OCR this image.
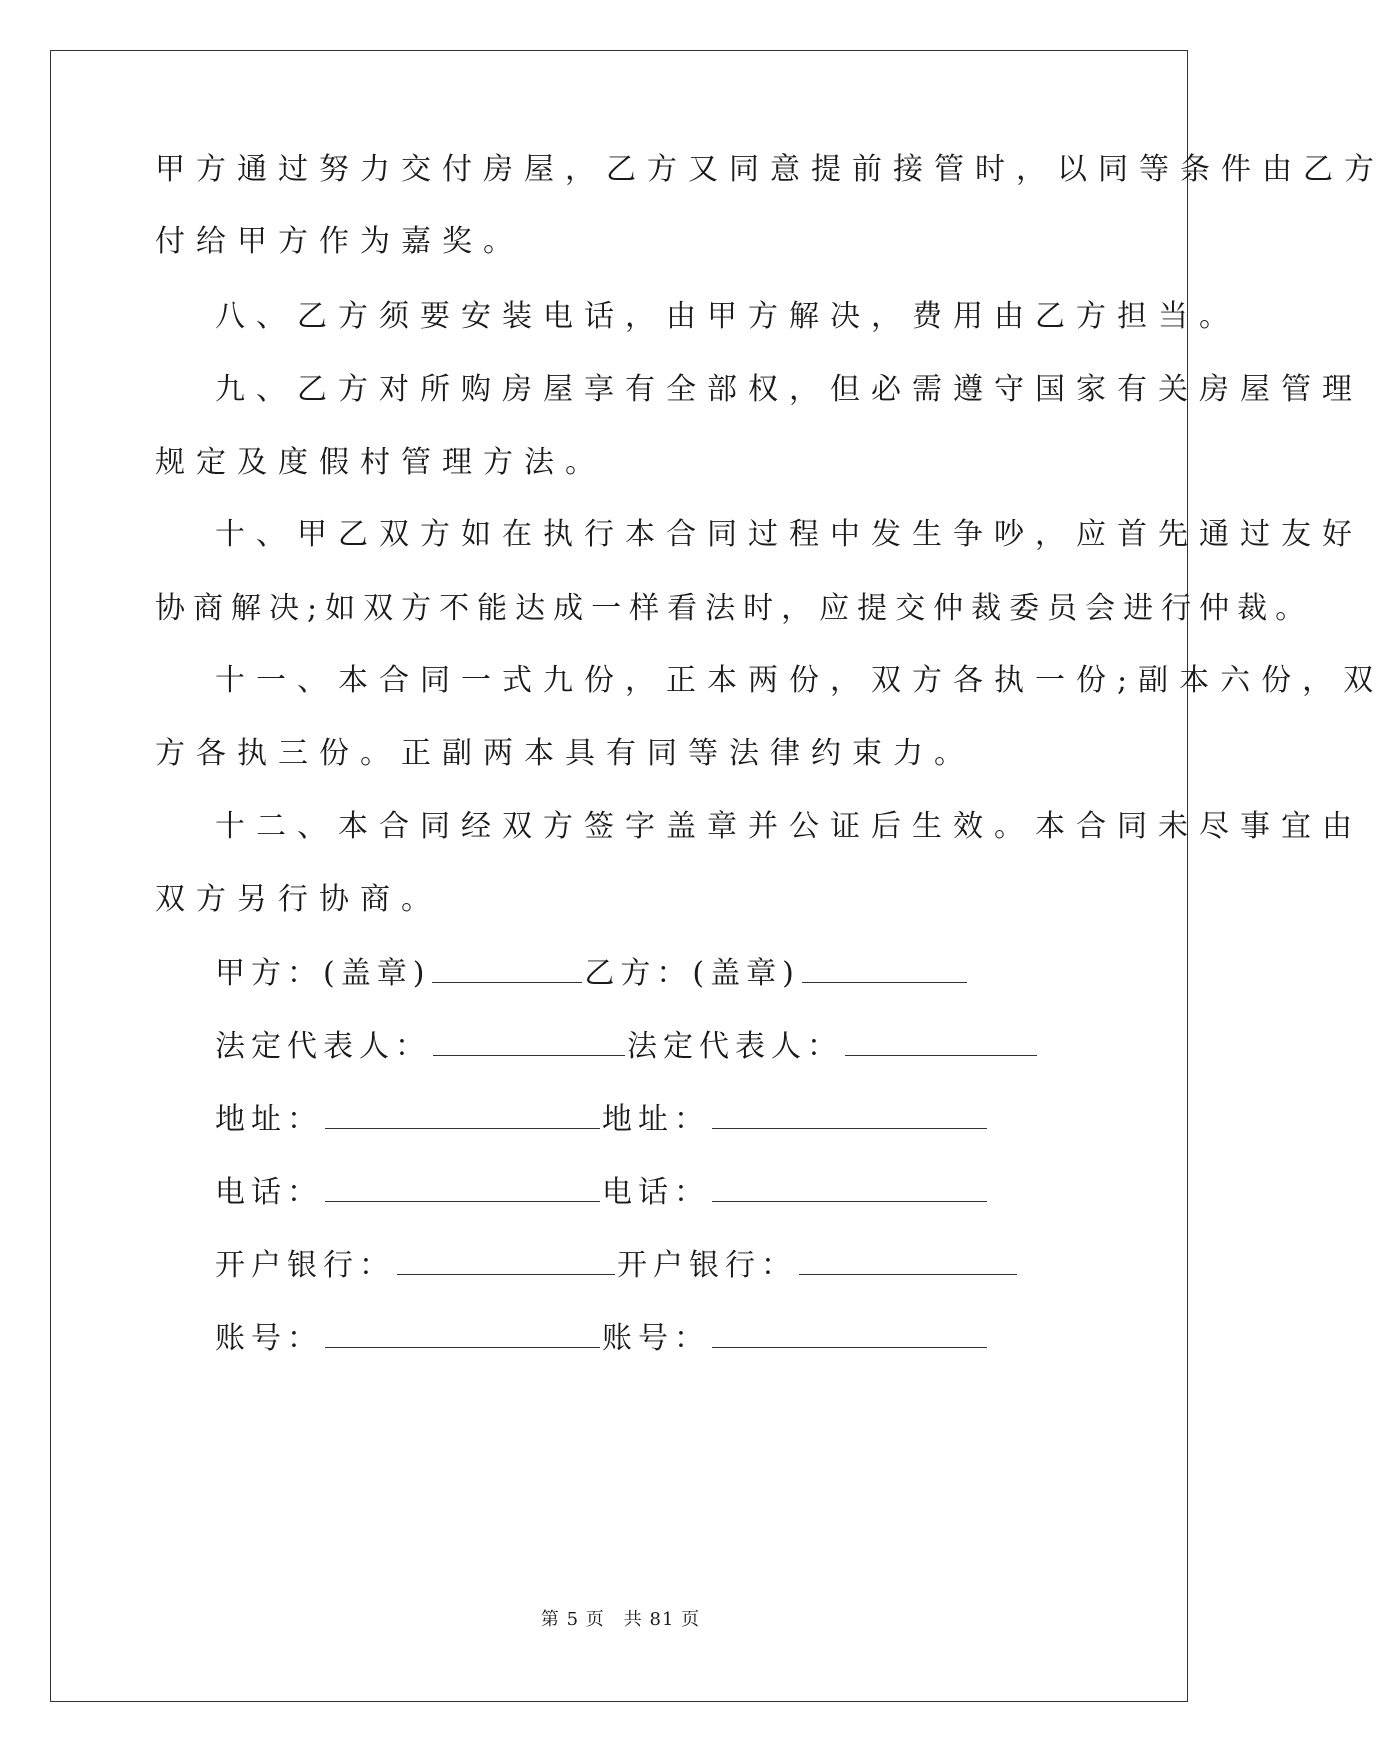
甲方通过努力交付房屋，乙方又同意提前接管时，以同等条件由乙方
付给甲方作为嘉奖。
八、乙方须要安装电话，由甲方解决，费用由乙方担当。
九、乙方对所购房屋享有全部权，但必需遵守国家有关房屋管理
规定及度假村管理方法。
十、甲乙双方如在执行本合同过程中发生争吵，应首先通过友好
协商解决;如双方不能达成一样看法时，应提交仲裁委员会进行仲裁。
十一、本合同一式九份，正本两份，双方各执一份;副本六份，双
方各执三份。正副两本具有同等法律约束力。
十二、本合同经双方签字盖章并公证后生效。本合同未尽事宜由
双方另行协商。
甲方：(盖章)	乙方：(盖章)
法定代表人：	法定代表人：
地址：	地址：
电话：	电话：
开户银行：	开户银行：
账号：	账号：
第 5 页　共 81 页
